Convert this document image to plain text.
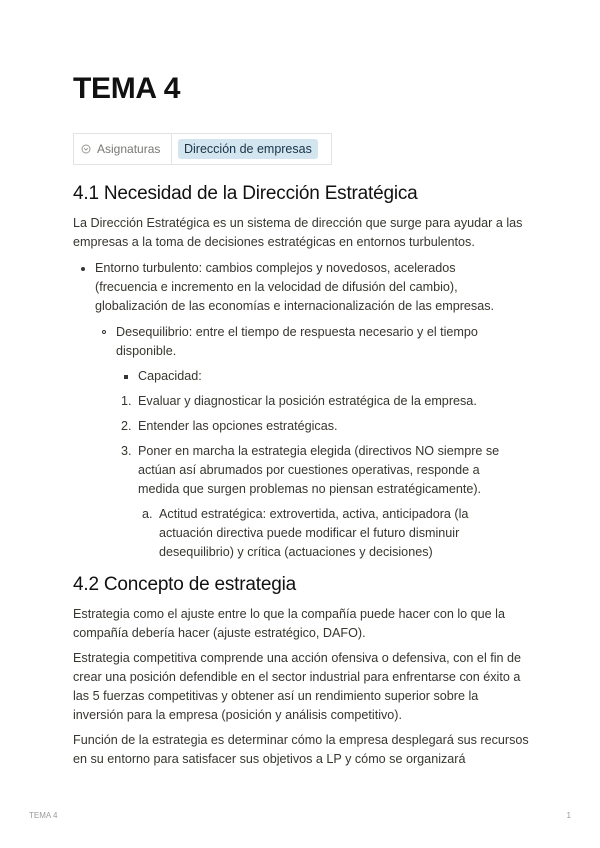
TEMA 4
Asignaturas	Dirección de empresas
4.1 Necesidad de la Dirección Estratégica

La Dirección Estratégica es un sistema de dirección que surge para ayudar a las empresas a la toma de decisiones estratégicas en entornos turbulentos.

Entorno turbulento: cambios complejos y novedosos, acelerados (frecuencia e incremento en la velocidad de difusión del cambio), globalización de las economías e internacionalización de las empresas.
Desequilibrio: entre el tiempo de respuesta necesario y el tiempo disponible.
Capacidad:
1. Evaluar y diagnosticar la posición estratégica de la empresa.
2. Entender las opciones estratégicas.
3. Poner en marcha la estrategia elegida (directivos NO siempre se actúan así abrumados por cuestiones operativas, responde a medida que surgen problemas no piensan estratégicamente).
a. Actitud estratégica: extrovertida, activa, anticipadora (la actuación directiva puede modificar el futuro disminuir desequilibrio) y crítica (actuaciones y decisiones)
4.2 Concepto de estrategia

Estrategia como el ajuste entre lo que la compañía puede hacer con lo que la compañía debería hacer (ajuste estratégico, DAFO).

Estrategia competitiva comprende una acción ofensiva o defensiva, con el fin de crear una posición defendible en el sector industrial para enfrentarse con éxito a las 5 fuerzas competitivas y obtener así un rendimiento superior sobre la inversión para la empresa (posición y análisis competitivo).

Función de la estrategia es determinar cómo la empresa desplegará sus recursos en su entorno para satisfacer sus objetivos a LP y cómo se organizará

TEMA 4	1
